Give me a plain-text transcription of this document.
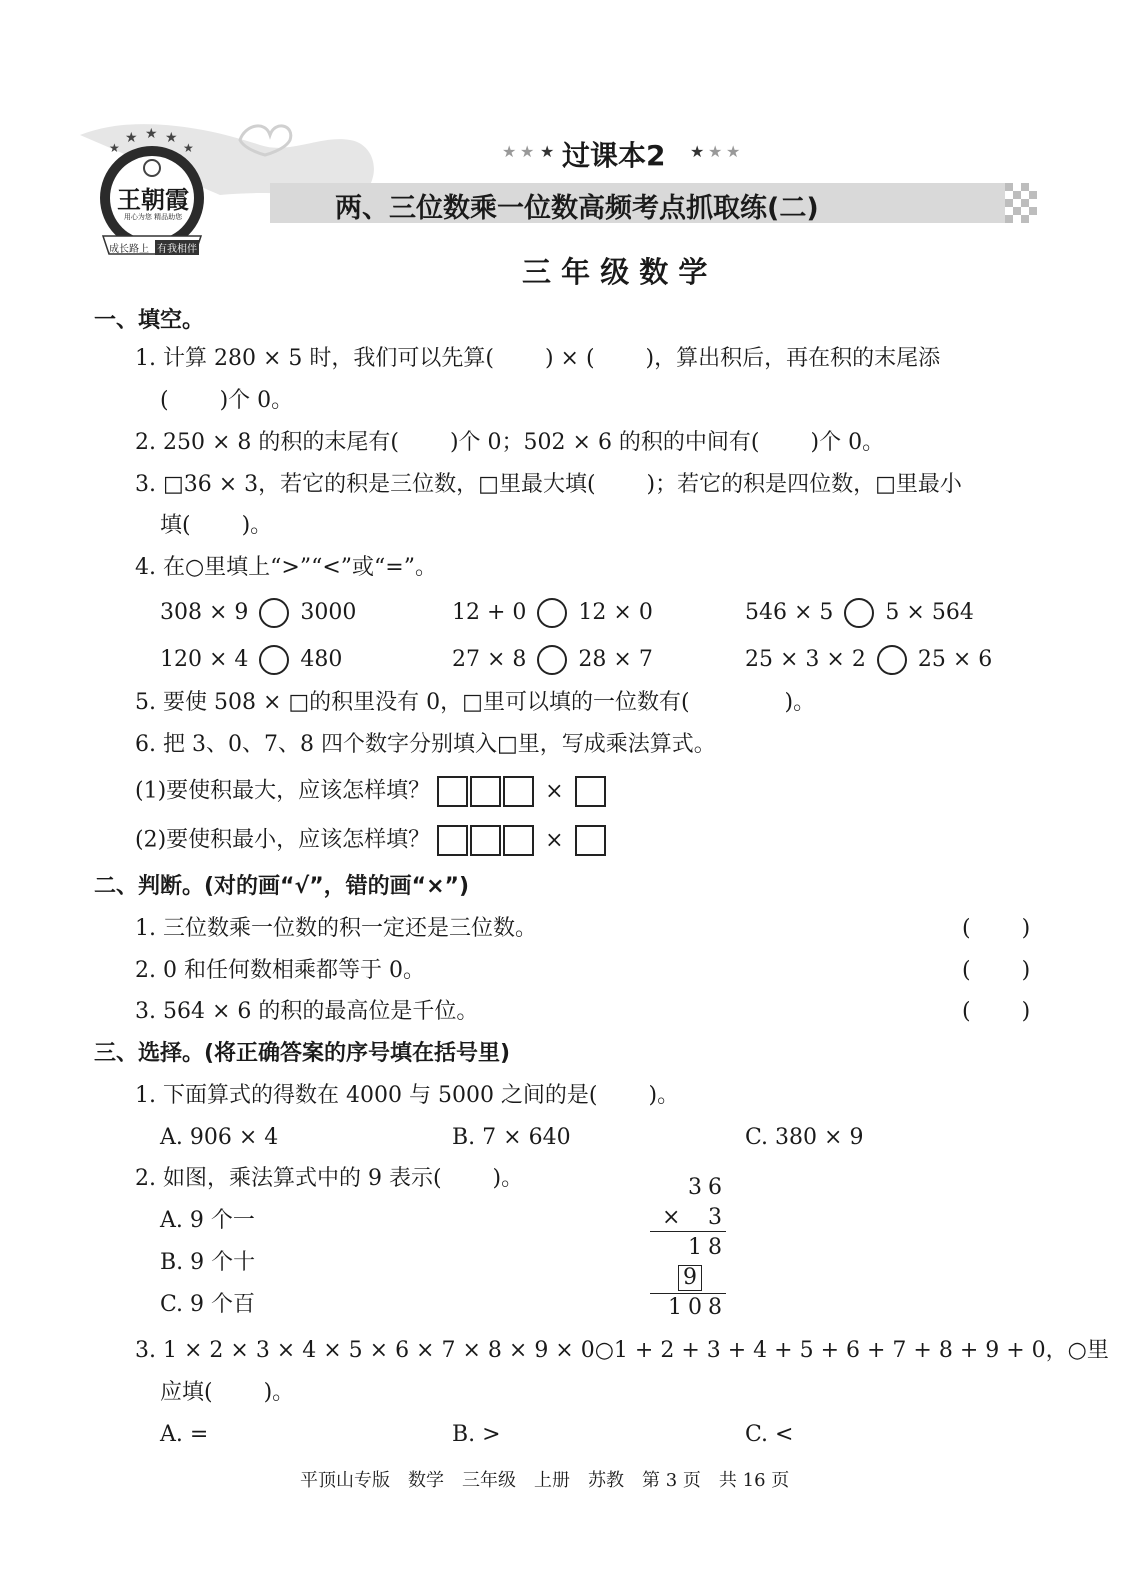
★ ★ ★	★ ★ ★
★ ★ ★
★	★
王朝霞
用心为您 精品助您
成长路上 有我相伴
过课本2
两、三位数乘一位数高频考点抓取练(二)
三 年 级 数 学
一、填空。
1. 计算 280 × 5 时，我们可以先算(　　 ) × (　　 )，算出积后，再在积的末尾添
(　　 )个 0。
2. 250 × 8 的积的末尾有(　　 )个 0；502 × 6 的积的中间有(　　 )个 0。
3. □36 × 3，若它的积是三位数，□里最大填(　　 )；若它的积是四位数，□里最小
填(　　 )。
4. 在○里填上“>”“<”或“=”。
308 × 9 3000	12 + 0 12 × 0	546 × 5 5 × 564
120 × 4 480	27 × 8 28 × 7	25 × 3 × 2 25 × 6
5. 要使 508 × □的积里没有 0，□里可以填的一位数有(　　　　 )。
6. 把 3、0、7、8 四个数字分别填入□里，写成乘法算式。
(1)要使积最大，应该怎样填？	×
(2)要使积最小，应该怎样填？	×
二、判断。(对的画“√”，错的画“×”)
1. 三位数乘一位数的积一定还是三位数。	(　　 )
2. 0 和任何数相乘都等于 0。	(　　 )
3. 564 × 6 的积的最高位是千位。	(　　 )
三、选择。(将正确答案的序号填在括号里)
1. 下面算式的得数在 4000 与 5000 之间的是(　　 )。
A. 906 × 4	B. 7 × 640	C. 380 × 9
2. 如图，乘法算式中的 9 表示(　　 )。
A. 9 个一
B. 9 个十
C. 9 个百
36
× 3
18
9
108
3. 1 × 2 × 3 × 4 × 5 × 6 × 7 × 8 × 9 × 0○1 + 2 + 3 + 4 + 5 + 6 + 7 + 8 + 9 + 0，○里
应填(　　 )。
A. =	B. >	C. <
平顶山专版　数学　三年级　上册　苏教　第 3 页　共 16 页
